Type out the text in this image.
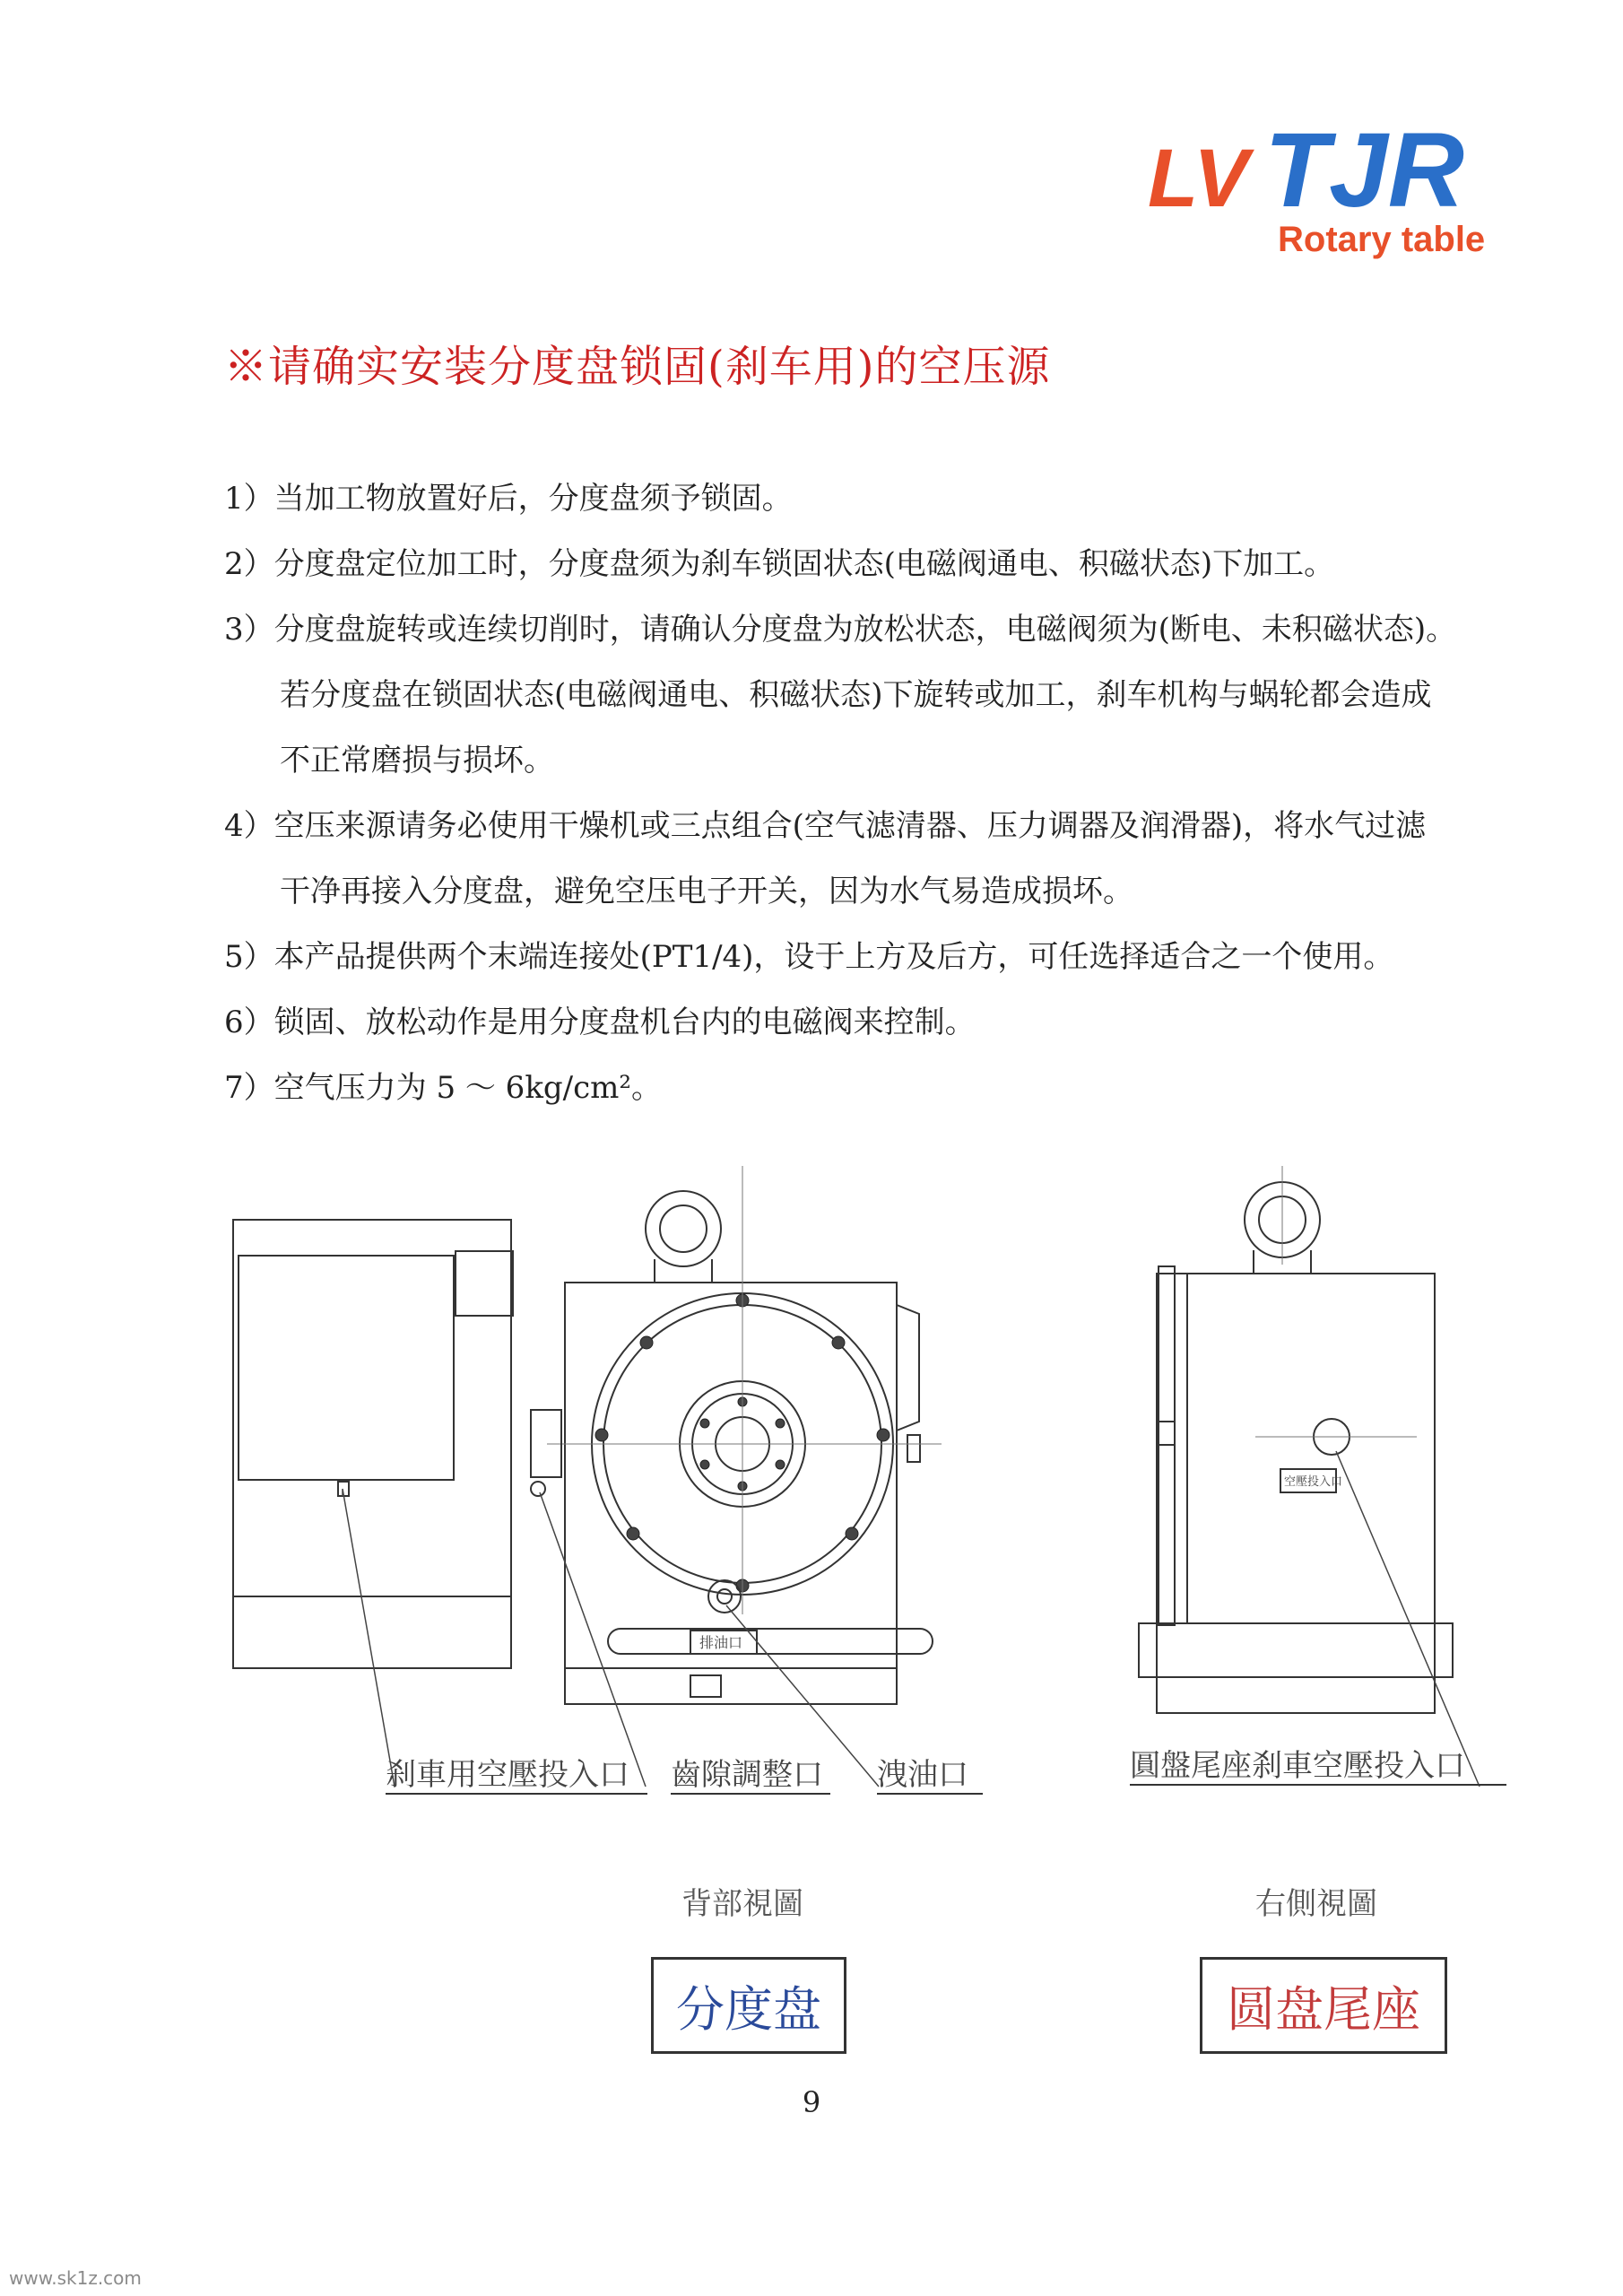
LV TJR
Rotary table
※请确实安装分度盘锁固(刹车用)的空压源
1）当加工物放置好后，分度盘须予锁固。
2）分度盘定位加工时，分度盘须为刹车锁固状态(电磁阀通电、积磁状态)下加工。
3）分度盘旋转或连续切削时，请确认分度盘为放松状态，电磁阀须为(断电、未积磁状态)。
若分度盘在锁固状态(电磁阀通电、积磁状态)下旋转或加工，刹车机构与蜗轮都会造成
不正常磨损与损坏。
4）空压来源请务必使用干燥机或三点组合(空气滤清器、压力调器及润滑器)，将水气过滤
干净再接入分度盘，避免空压电子开关，因为水气易造成损坏。
5）本产品提供两个末端连接处(PT1/4)，设于上方及后方，可任选择适合之一个使用。
6）锁固、放松动作是用分度盘机台内的电磁阀来控制。
7）空气压力为 5 ～ 6kg/cm²。
排油口
空壓投入口
刹車用空壓投入口 齒隙調整口 洩油口	圓盤尾座刹車空壓投入口
背部視圖	右側視圖
分度盘	圆盘尾座
9
www.sk1z.com
